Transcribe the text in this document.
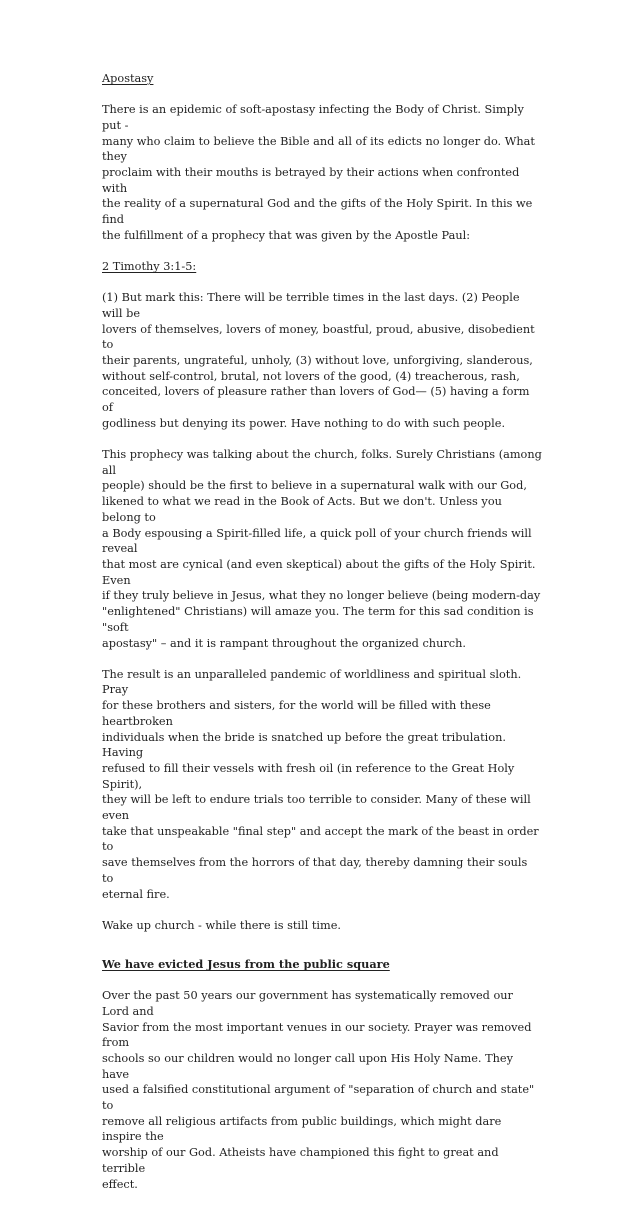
Apostasy

There is an epidemic of soft-apostasy infecting the Body of Christ. Simply put -
many who claim to believe the Bible and all of its edicts no longer do. What they
proclaim with their mouths is betrayed by their actions when confronted with
the reality of a supernatural God and the gifts of the Holy Spirit. In this we find
the fulfillment of a prophecy that was given by the Apostle Paul:

2 Timothy 3:1-5:

(1) But mark this: There will be terrible times in the last days. (2) People will be
lovers of themselves, lovers of money, boastful, proud, abusive, disobedient to
their parents, ungrateful, unholy, (3) without love, unforgiving, slanderous,
without self-control, brutal, not lovers of the good, (4) treacherous, rash,
conceited, lovers of pleasure rather than lovers of God— (5) having a form of
godliness but denying its power. Have nothing to do with such people.

This prophecy was talking about the church, folks. Surely Christians (among all
people) should be the first to believe in a supernatural walk with our God,
likened to what we read in the Book of Acts. But we don't. Unless you belong to
a Body espousing a Spirit-filled life, a quick poll of your church friends will reveal
that most are cynical (and even skeptical) about the gifts of the Holy Spirit. Even
if they truly believe in Jesus, what they no longer believe (being modern-day
"enlightened" Christians) will amaze you. The term for this sad condition is "soft
apostasy" – and it is rampant throughout the organized church.

The result is an unparalleled pandemic of worldliness and spiritual sloth. Pray
for these brothers and sisters, for the world will be filled with these heartbroken
individuals when the bride is snatched up before the great tribulation. Having
refused to fill their vessels with fresh oil (in reference to the Great Holy Spirit),
they will be left to endure trials too terrible to consider. Many of these will even
take that unspeakable "final step" and accept the mark of the beast in order to
save themselves from the horrors of that day, thereby damning their souls to
eternal fire.

Wake up church - while there is still time.

We have evicted Jesus from the public square

Over the past 50 years our government has systematically removed our Lord and
Savior from the most important venues in our society. Prayer was removed from
schools so our children would no longer call upon His Holy Name. They have
used a falsified constitutional argument of "separation of church and state" to
remove all religious artifacts from public buildings, which might dare inspire the
worship of our God. Atheists have championed this fight to great and terrible
effect.
